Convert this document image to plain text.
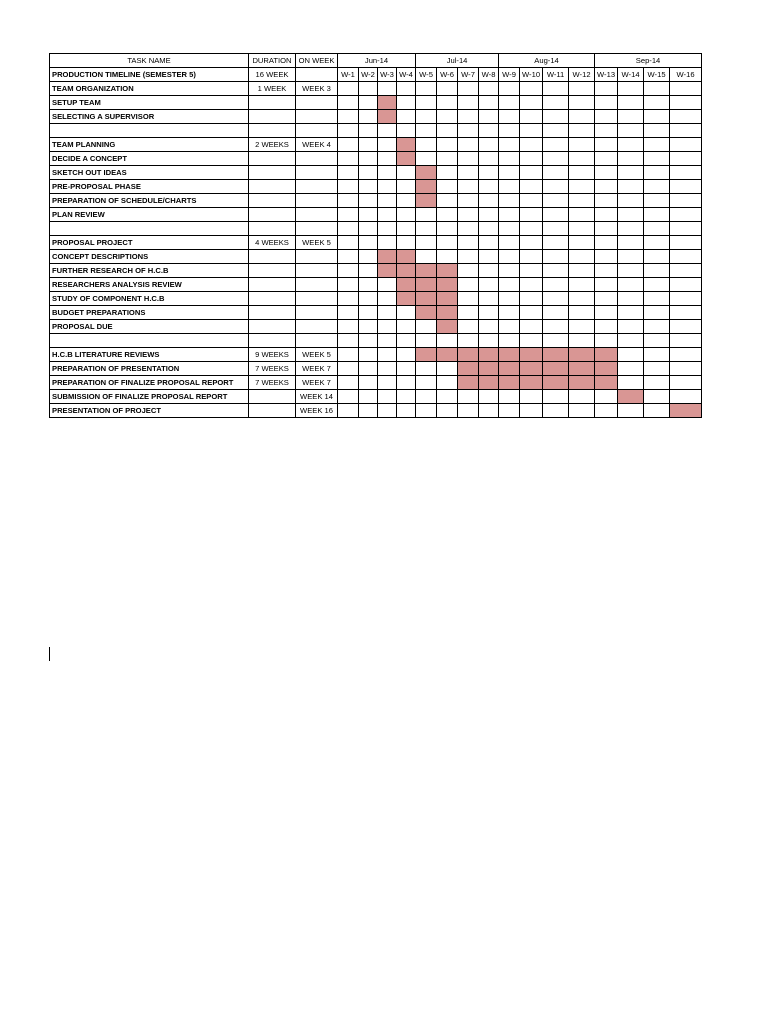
TASK NAME	DURATION	ON WEEK	Jun-14				Jul-14				Aug-14				Sep-14			
PRODUCTION TIMELINE (SEMESTER 5)	16 WEEK		W-1	W-2	W-3	W-4	W-5	W-6	W-7	W-8	W-9	W-10	W-11	W-12	W-13	W-14	W-15	W-16
TEAM ORGANIZATION	1 WEEK	WEEK 3																
SETUP TEAM																		
SELECTING A SUPERVISOR																		

TEAM PLANNING	2 WEEKS	WEEK 4																
DECIDE A CONCEPT																		
SKETCH OUT IDEAS																		
PRE-PROPOSAL PHASE																		
PREPARATION OF SCHEDULE/CHARTS																		
PLAN REVIEW																		

PROPOSAL PROJECT	4 WEEKS	WEEK 5																
CONCEPT DESCRIPTIONS																		
FURTHER RESEARCH OF H.C.B																		
RESEARCHERS ANALYSIS REVIEW																		
STUDY OF COMPONENT H.C.B																		
BUDGET PREPARATIONS																		
PROPOSAL DUE																		

H.C.B LITERATURE REVIEWS	9 WEEKS	WEEK 5																
PREPARATION OF PRESENTATION	7 WEEKS	WEEK 7																
PREPARATION OF FINALIZE PROPOSAL REPORT	7 WEEKS	WEEK 7																
SUBMISSION OF FINALIZE PROPOSAL REPORT		WEEK 14																
PRESENTATION OF PROJECT		WEEK 16																
